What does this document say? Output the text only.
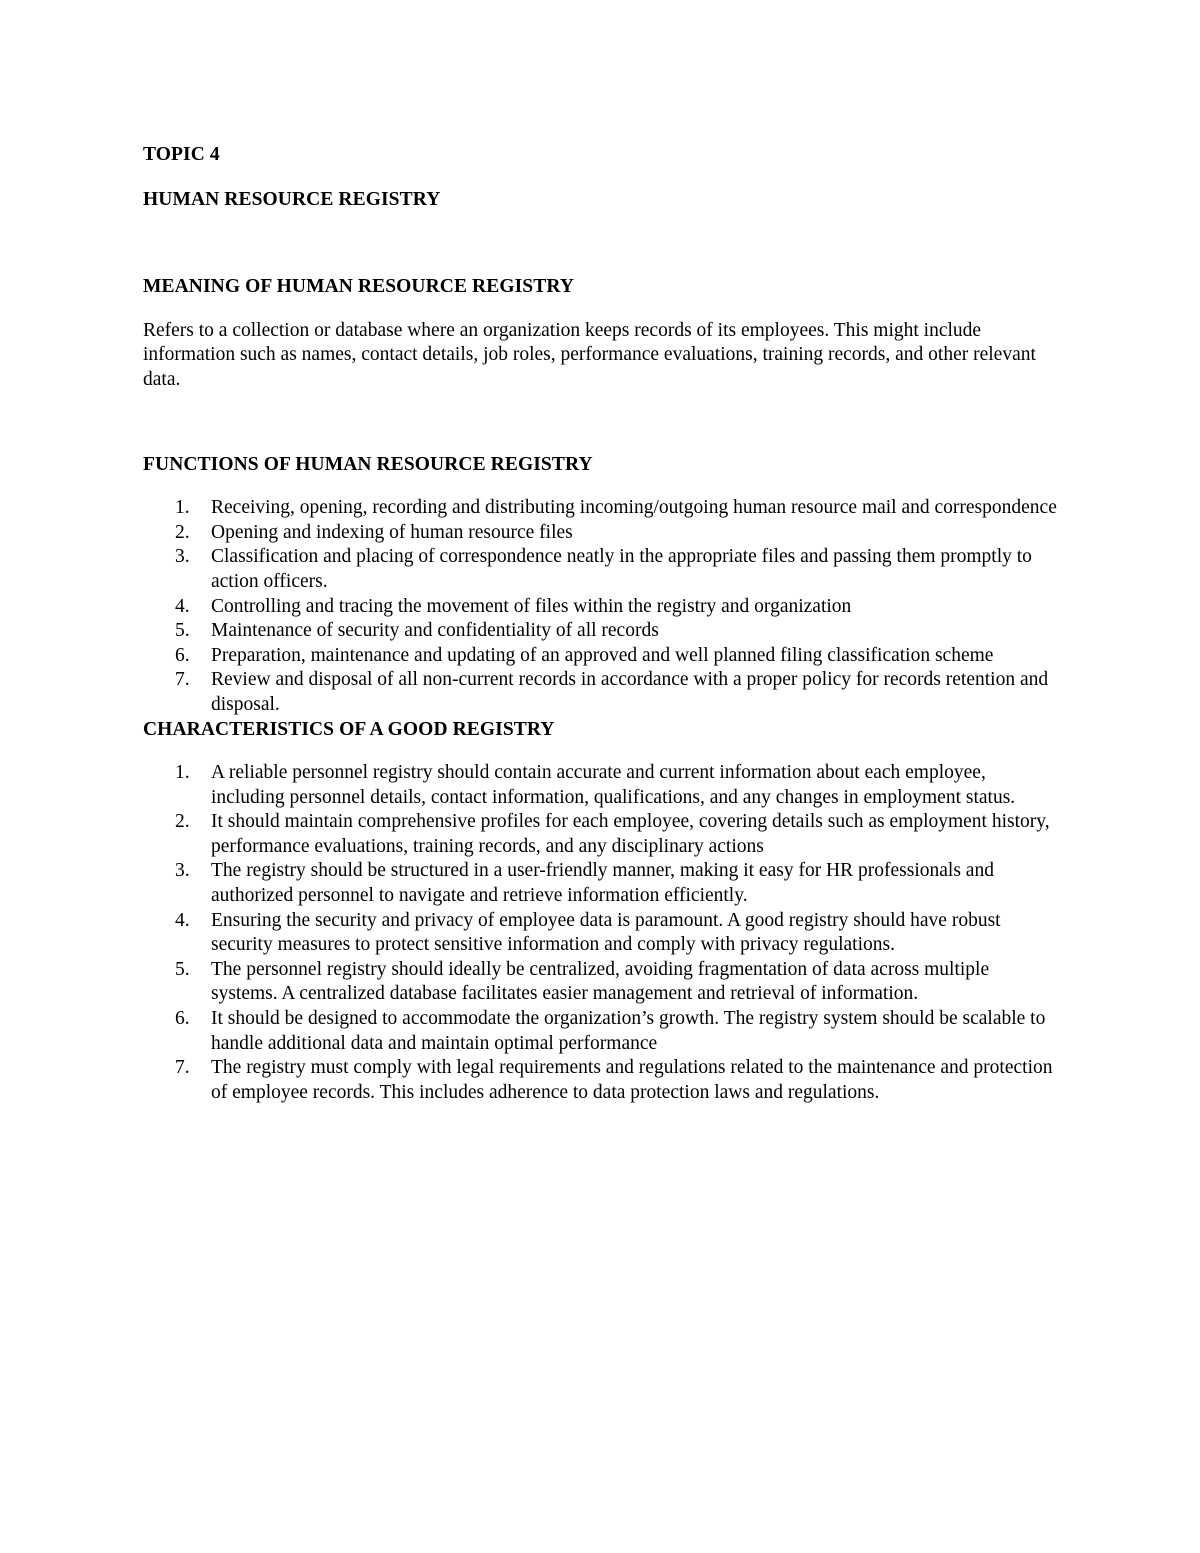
TOPIC 4

HUMAN RESOURCE REGISTRY

MEANING OF HUMAN RESOURCE REGISTRY

Refers to a collection or database where an organization keeps records of its employees. This might include information such as names, contact details, job roles, performance evaluations, training records, and other relevant data.

FUNCTIONS OF HUMAN RESOURCE REGISTRY

1. Receiving, opening, recording and distributing incoming/outgoing human resource mail and correspondence
2. Opening and indexing of human resource files
3. Classification and placing of correspondence neatly in the appropriate files and passing them promptly to action officers.
4. Controlling and tracing the movement of files within the registry and organization
5. Maintenance of security and confidentiality of all records
6. Preparation, maintenance and updating of an approved and well planned filing classification scheme
7. Review and disposal of all non-current records in accordance with a proper policy for records retention and disposal.

CHARACTERISTICS OF A GOOD REGISTRY

1. A reliable personnel registry should contain accurate and current information about each employee, including personnel details, contact information, qualifications, and any changes in employment status.
2. It should maintain comprehensive profiles for each employee, covering details such as employment history, performance evaluations, training records, and any disciplinary actions
3. The registry should be structured in a user-friendly manner, making it easy for HR professionals and authorized personnel to navigate and retrieve information efficiently.
4. Ensuring the security and privacy of employee data is paramount. A good registry should have robust security measures to protect sensitive information and comply with privacy regulations.
5. The personnel registry should ideally be centralized, avoiding fragmentation of data across multiple systems. A centralized database facilitates easier management and retrieval of information.
6. It should be designed to accommodate the organization’s growth. The registry system should be scalable to handle additional data and maintain optimal performance
7. The registry must comply with legal requirements and regulations related to the maintenance and protection of employee records. This includes adherence to data protection laws and regulations.
